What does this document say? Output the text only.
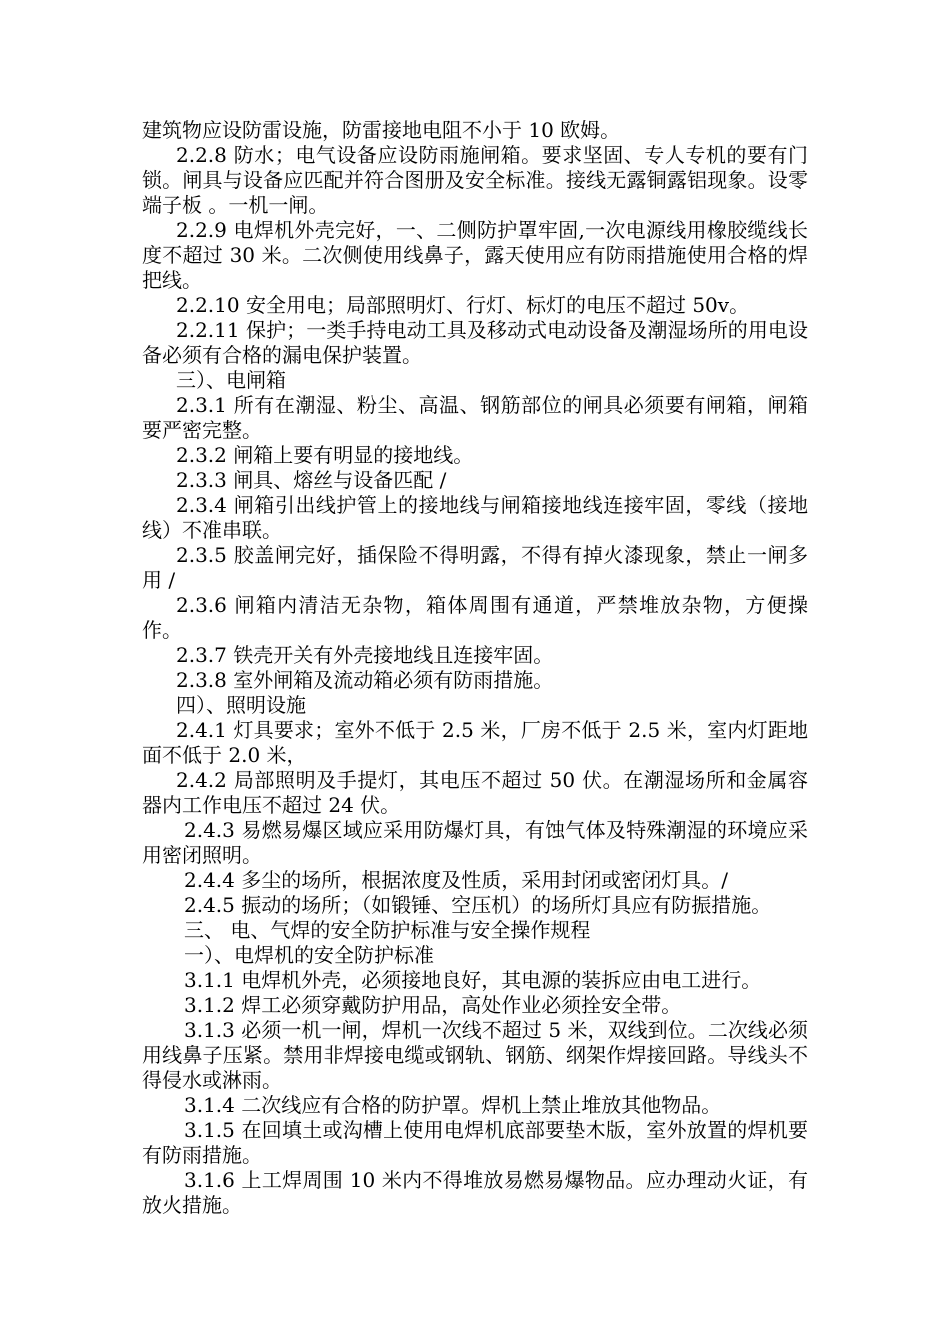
建筑物应设防雷设施，防雷接地电阻不小于 10 欧姆。

2.2.8 防水；电气设备应设防雨施闸箱。要求坚固、专人专机的要有门锁。闸具与设备应匹配并符合图册及安全标准。接线无露铜露铝现象。设零端子板 。一机一闸。

2.2.9 电焊机外壳完好，一、二侧防护罩牢固,一次电源线用橡胶缆线长度不超过 30 米。二次侧使用线鼻子，露天使用应有防雨措施使用合格的焊把线。

2.2.10 安全用电；局部照明灯、行灯、标灯的电压不超过 50v。

2.2.11 保护；一类手持电动工具及移动式电动设备及潮湿场所的用电设备必须有合格的漏电保护装置。

三）、电闸箱

2.3.1 所有在潮湿、粉尘、高温、钢筋部位的闸具必须要有闸箱，闸箱要严密完整。

2.3.2 闸箱上要有明显的接地线。

2.3.3 闸具、熔丝与设备匹配 /

2.3.4 闸箱引出线护管上的接地线与闸箱接地线连接牢固，零线（接地线）不准串联。

2.3.5 胶盖闸完好，插保险不得明露，不得有掉火漆现象，禁止一闸多用 /

2.3.6 闸箱内清洁无杂物，箱体周围有通道，严禁堆放杂物，方便操作。

2.3.7 铁壳开关有外壳接地线且连接牢固。

2.3.8 室外闸箱及流动箱必须有防雨措施。

四）、照明设施

2.4.1 灯具要求；室外不低于 2.5 米，厂房不低于 2.5 米，室内灯距地面不低于 2.0 米，

2.4.2 局部照明及手提灯，其电压不超过 50 伏。在潮湿场所和金属容器内工作电压不超过 24 伏。

2.4.3 易燃易爆区域应采用防爆灯具，有蚀气体及特殊潮湿的环境应采用密闭照明。

2.4.4 多尘的场所，根据浓度及性质，采用封闭或密闭灯具。/

2.4.5 振动的场所；（如锻锤、空压机）的场所灯具应有防振措施。

三、 电、气焊的安全防护标准与安全操作规程

一）、电焊机的安全防护标准

3.1.1 电焊机外壳，必须接地良好，其电源的装拆应由电工进行。

3.1.2 焊工必须穿戴防护用品，高处作业必须拴安全带。

3.1.3 必须一机一闸，焊机一次线不超过 5 米，双线到位。二次线必须用线鼻子压紧。禁用非焊接电缆或钢轨、钢筋、纲架作焊接回路。导线头不得侵水或淋雨。

3.1.4 二次线应有合格的防护罩。焊机上禁止堆放其他物品。

3.1.5 在回填土或沟槽上使用电焊机底部要垫木版，室外放置的焊机要有防雨措施。

3.1.6 上工焊周围 10 米内不得堆放易燃易爆物品。应办理动火证，有放火措施。
